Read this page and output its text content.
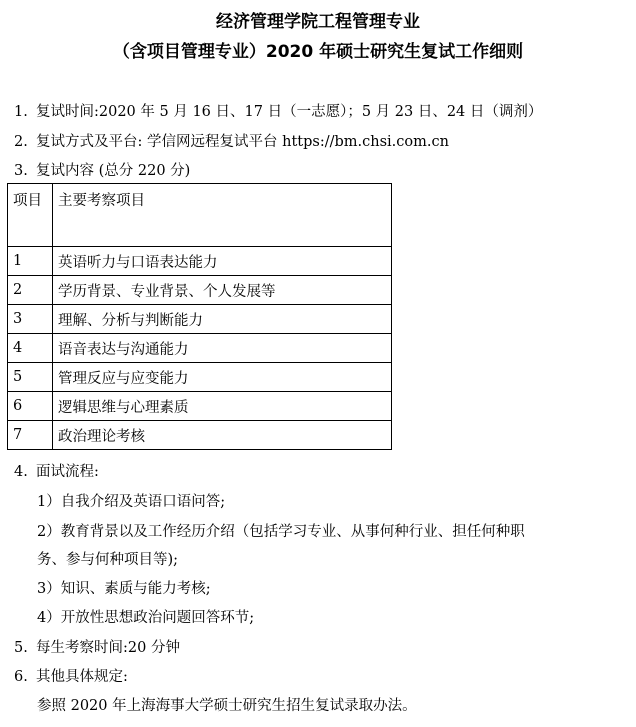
经济管理学院工程管理专业
（含项目管理专业）2020 年硕士研究生复试工作细则
1. 复试时间:2020 年 5 月 16 日、17 日（一志愿）；5 月 23 日、24 日（调剂）
2. 复试方式及平台: 学信网远程复试平台 https://bm.chsi.com.cn
3. 复试内容 (总分 220 分)
项目	主要考察项目
1	英语听力与口语表达能力
2	学历背景、专业背景、个人发展等
3	理解、分析与判断能力
4	语音表达与沟通能力
5	管理反应与应变能力
6	逻辑思维与心理素质
7	政治理论考核
4. 面试流程:
1）自我介绍及英语口语问答;
2）教育背景以及工作经历介绍（包括学习专业、从事何种行业、担任何种职
务、参与何种项目等);
3）知识、素质与能力考核;
4）开放性思想政治问题回答环节;
5. 每生考察时间:20 分钟
6. 其他具体规定:
参照 2020 年上海海事大学硕士研究生招生复试录取办法。
